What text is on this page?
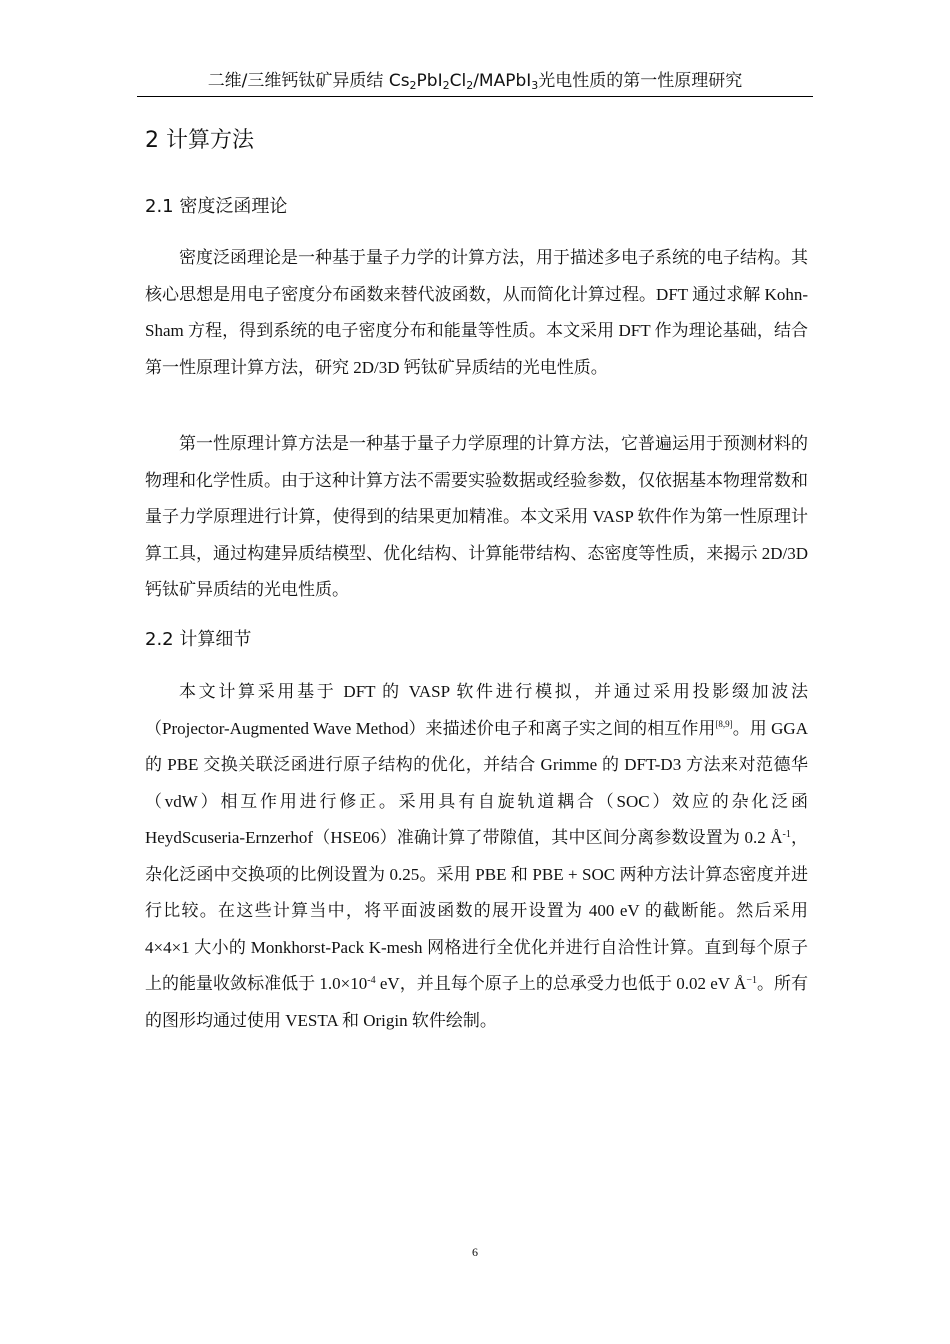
二维/三维钙钛矿异质结 $Cs_2PbI_2Cl_2/MAPbI_3$光电性质的第一性原理研究
2 计算方法
2.1 密度泛函理论

密度泛函理论是一种基于量子力学的计算方法，用于描述多电子系统的电子结构。其核心思想是用电子密度分布函数来替代波函数，从而简化计算过程。DFT 通过求解 Kohn-Sham 方程，得到系统的电子密度分布和能量等性质。本文采用 DFT 作为理论基础，结合第一性原理计算方法，研究 2D/3D 钙钛矿异质结的光电性质。

第一性原理计算方法是一种基于量子力学原理的计算方法，它普遍运用于预测材料的物理和化学性质。由于这种计算方法不需要实验数据或经验参数，仅依据基本物理常数和量子力学原理进行计算，使得到的结果更加精准。本文采用 VASP 软件作为第一性原理计算工具，通过构建异质结模型、优化结构、计算能带结构、态密度等性质，来揭示 2D/3D 钙钛矿异质结的光电性质。

2.2 计算细节

本文计算采用基于 DFT 的 VASP 软件进行模拟，并通过采用投影缀加波法（Projector-Augmented Wave Method）来描述价电子和离子实之间的相互作用[8,9]。用 GGA 的 PBE 交换关联泛函进行原子结构的优化，并结合 Grimme 的 DFT-D3 方法来对范德华（vdW）相互作用进行修正。采用具有自旋轨道耦合（SOC）效应的杂化泛函 HeydScuseria-Ernzerhof（HSE06）准确计算了带隙值，其中区间分离参数设置为 0.2 $Å^{-1}$，杂化泛函中交换项的比例设置为 0.25。采用 PBE 和 PBE + SOC 两种方法计算态密度并进行比较。在这些计算当中，将平面波函数的展开设置为 400 eV 的截断能。然后采用 4×4×1 大小的 Monkhorst-Pack K-mesh 网格进行全优化并进行自洽性计算。直到每个原子上的能量收敛标准低于 $1.0\times 10^{-4}$ eV，并且每个原子上的总承受力也低于 0.02 eV $Å^{-1}$。所有的图形均通过使用 VESTA 和 Origin 软件绘制。

6
